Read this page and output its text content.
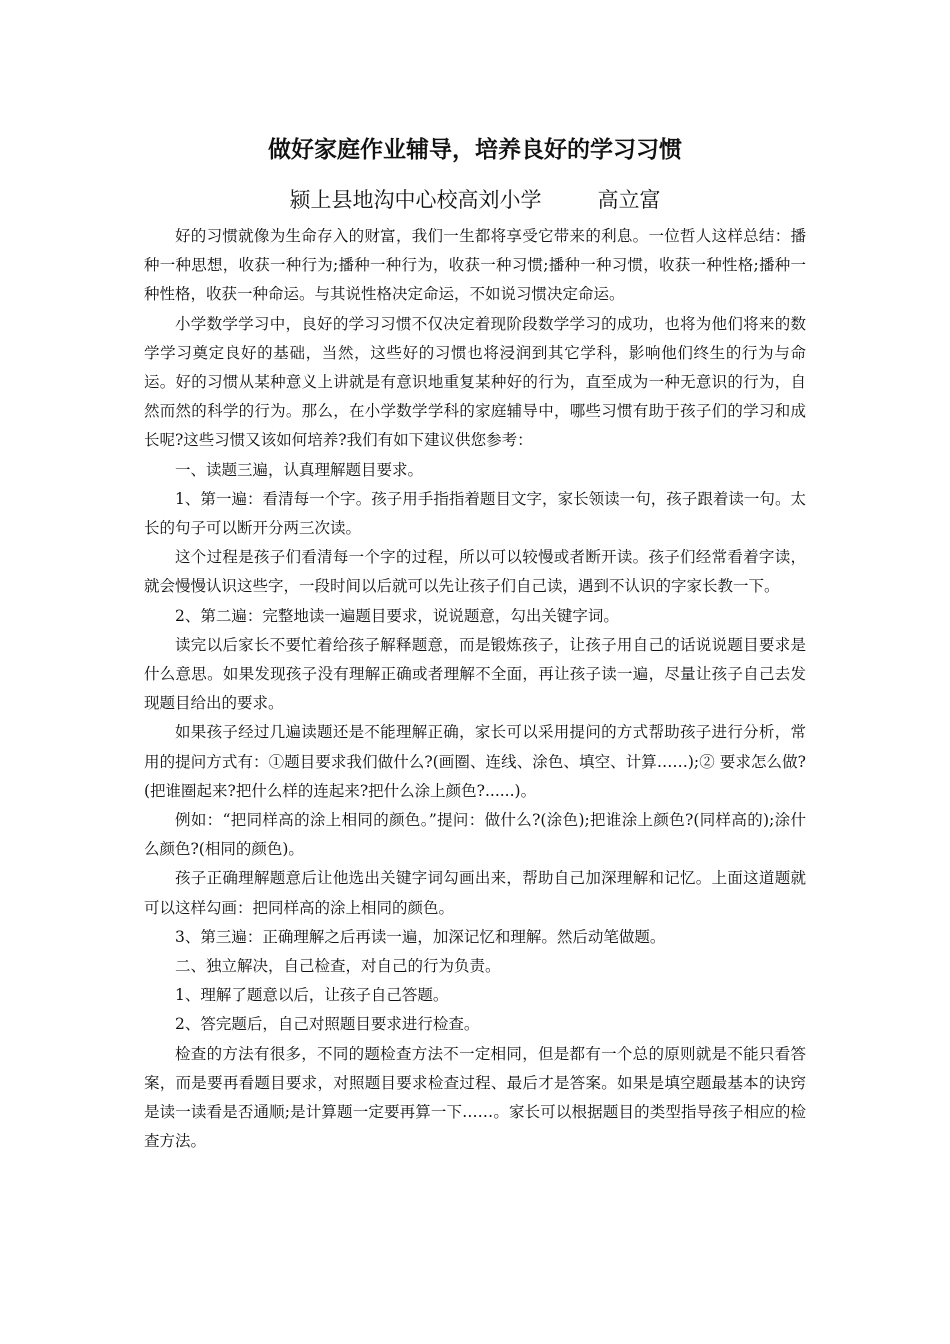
做好家庭作业辅导，培养良好的学习习惯
颍上县地沟中心校高刘小学	高立富

好的习惯就像为生命存入的财富，我们一生都将享受它带来的利息。一位哲人这样总结：播种一种思想，收获一种行为;播种一种行为，收获一种习惯;播种一种习惯，收获一种性格;播种一种性格，收获一种命运。与其说性格决定命运，不如说习惯决定命运。

小学数学学习中，良好的学习习惯不仅决定着现阶段数学学习的成功，也将为他们将来的数学学习奠定良好的基础，当然，这些好的习惯也将浸润到其它学科，影响他们终生的行为与命运。好的习惯从某种意义上讲就是有意识地重复某种好的行为，直至成为一种无意识的行为，自然而然的科学的行为。那么，在小学数学学科的家庭辅导中，哪些习惯有助于孩子们的学习和成长呢?这些习惯又该如何培养?我们有如下建议供您参考：

一、读题三遍，认真理解题目要求。

1、第一遍：看清每一个字。孩子用手指指着题目文字，家长领读一句，孩子跟着读一句。太长的句子可以断开分两三次读。

这个过程是孩子们看清每一个字的过程，所以可以较慢或者断开读。孩子们经常看着字读，就会慢慢认识这些字，一段时间以后就可以先让孩子们自己读，遇到不认识的字家长教一下。

2、第二遍：完整地读一遍题目要求，说说题意，勾出关键字词。

读完以后家长不要忙着给孩子解释题意，而是锻炼孩子，让孩子用自己的话说说题目要求是什么意思。如果发现孩子没有理解正确或者理解不全面，再让孩子读一遍，尽量让孩子自己去发现题目给出的要求。

如果孩子经过几遍读题还是不能理解正确，家长可以采用提问的方式帮助孩子进行分析，常用的提问方式有：①题目要求我们做什么?(画圈、连线、涂色、填空、计算……);② 要求怎么做?(把谁圈起来?把什么样的连起来?把什么涂上颜色?......)。

例如：“把同样高的涂上相同的颜色。”提问：做什么?(涂色);把谁涂上颜色?(同样高的);涂什么颜色?(相同的颜色)。

孩子正确理解题意后让他选出关键字词勾画出来，帮助自己加深理解和记忆。上面这道题就可以这样勾画：把同样高的涂上相同的颜色。

3、第三遍：正确理解之后再读一遍，加深记忆和理解。然后动笔做题。

二、独立解决，自己检查，对自己的行为负责。

1、理解了题意以后，让孩子自己答题。

2、答完题后，自己对照题目要求进行检查。

检查的方法有很多，不同的题检查方法不一定相同，但是都有一个总的原则就是不能只看答案，而是要再看题目要求，对照题目要求检查过程、最后才是答案。如果是填空题最基本的诀窍是读一读看是否通顺;是计算题一定要再算一下……。家长可以根据题目的类型指导孩子相应的检查方法。
